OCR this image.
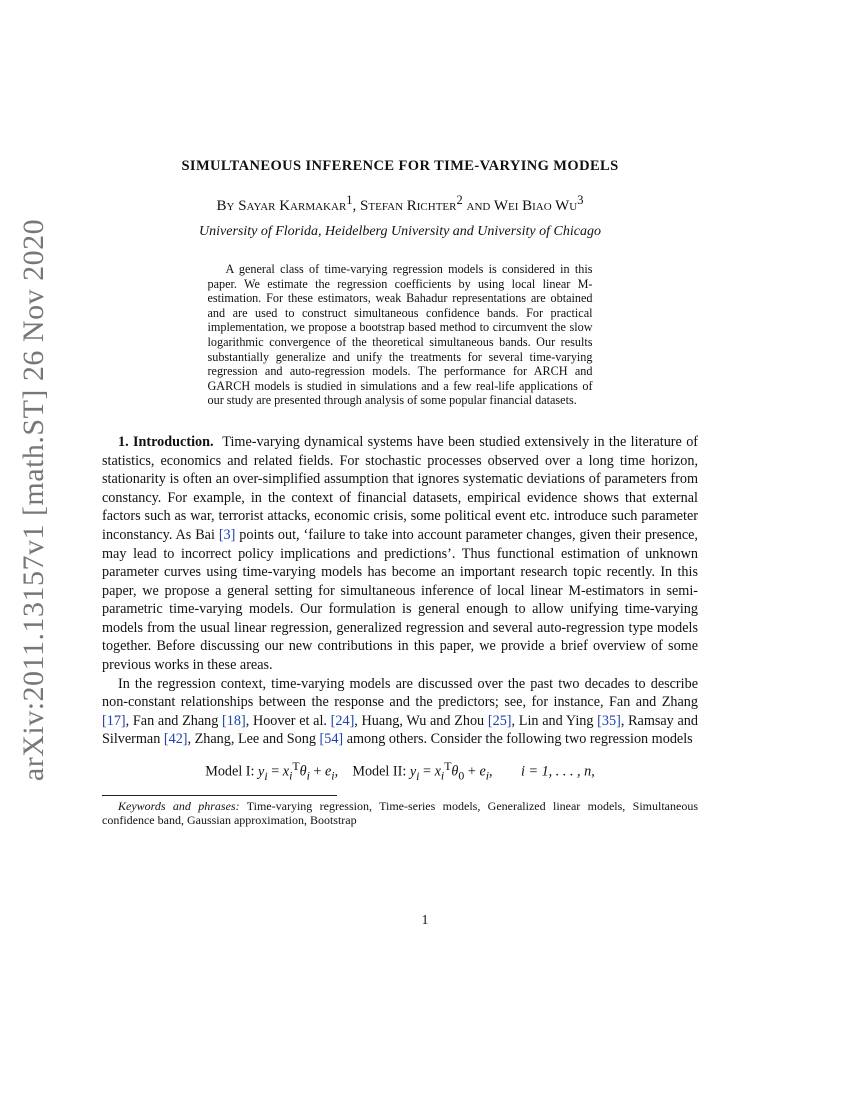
arXiv:2011.13157v1 [math.ST] 26 Nov 2020
SIMULTANEOUS INFERENCE FOR TIME-VARYING MODELS
By Sayar Karmakar$^1$, Stefan Richter$^2$ and Wei Biao Wu$^3$
University of Florida, Heidelberg University and University of Chicago
A general class of time-varying regression models is considered in this paper. We estimate the regression coefficients by using local linear M-estimation. For these estimators, weak Bahadur representations are obtained and are used to construct simultaneous confidence bands. For practical implementation, we propose a bootstrap based method to circumvent the slow logarithmic convergence of the theoretical simultaneous bands. Our results substantially generalize and unify the treatments for several time-varying regression and auto-regression models. The performance for ARCH and GARCH models is studied in simulations and a few real-life applications of our study are presented through analysis of some popular financial datasets.

1. Introduction. Time-varying dynamical systems have been studied extensively in the literature of statistics, economics and related fields. For stochastic processes observed over a long time horizon, stationarity is often an over-simplified assumption that ignores systematic deviations of parameters from constancy. For example, in the context of financial datasets, empirical evidence shows that external factors such as war, terrorist attacks, economic crisis, some political event etc. introduce such parameter inconstancy. As Bai [3] points out, ‘failure to take into account parameter changes, given their presence, may lead to incorrect policy implications and predictions’. Thus functional estimation of unknown parameter curves using time-varying models has become an important research topic recently. In this paper, we propose a general setting for simultaneous inference of local linear M-estimators in semi-parametric time-varying models. Our formulation is general enough to allow unifying time-varying models from the usual linear regression, generalized regression and several auto-regression type models together. Before discussing our new contributions in this paper, we provide a brief overview of some previous works in these areas.

In the regression context, time-varying models are discussed over the past two decades to describe non-constant relationships between the response and the predictors; see, for instance, Fan and Zhang [17], Fan and Zhang [18], Hoover et al. [24], Huang, Wu and Zhou [25], Lin and Ying [35], Ramsay and Silverman [42], Zhang, Lee and Song [54] among others. Consider the following two regression models

Model I: $y_i = x_i^T\theta_i + e_i$,    Model II: $y_i = x_i^T\theta_0 + e_i$,        i = 1, . . . , n,
Keywords and phrases: Time-varying regression, Time-series models, Generalized linear models, Simultaneous confidence band, Gaussian approximation, Bootstrap
1
